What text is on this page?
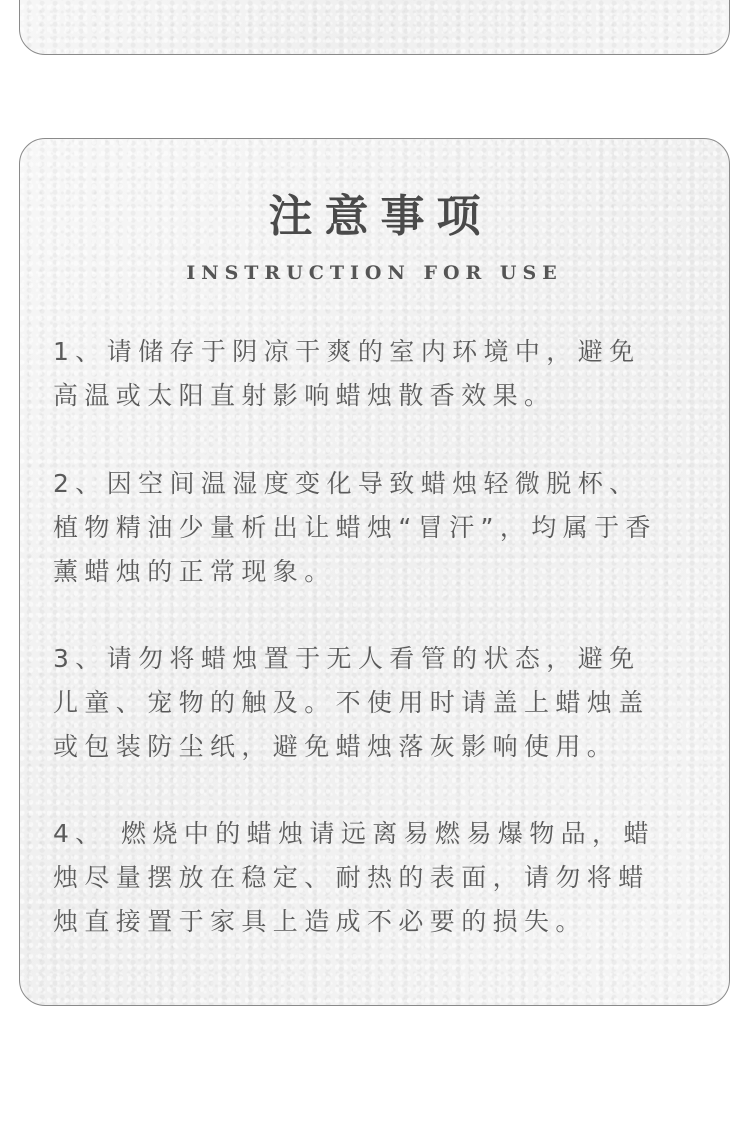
注意事项
INSTRUCTION FOR USE

1、请储存于阴凉干爽的室内环境中，避免
高温或太阳直射影响蜡烛散香效果。

2、因空间温湿度变化导致蜡烛轻微脱杯、
植物精油少量析出让蜡烛“冒汗”，均属于香
薰蜡烛的正常现象。

3、请勿将蜡烛置于无人看管的状态，避免
儿童、宠物的触及。不使用时请盖上蜡烛盖
或包装防尘纸，避免蜡烛落灰影响使用。

4、 燃烧中的蜡烛请远离易燃易爆物品，蜡
烛尽量摆放在稳定、耐热的表面，请勿将蜡
烛直接置于家具上造成不必要的损失。
